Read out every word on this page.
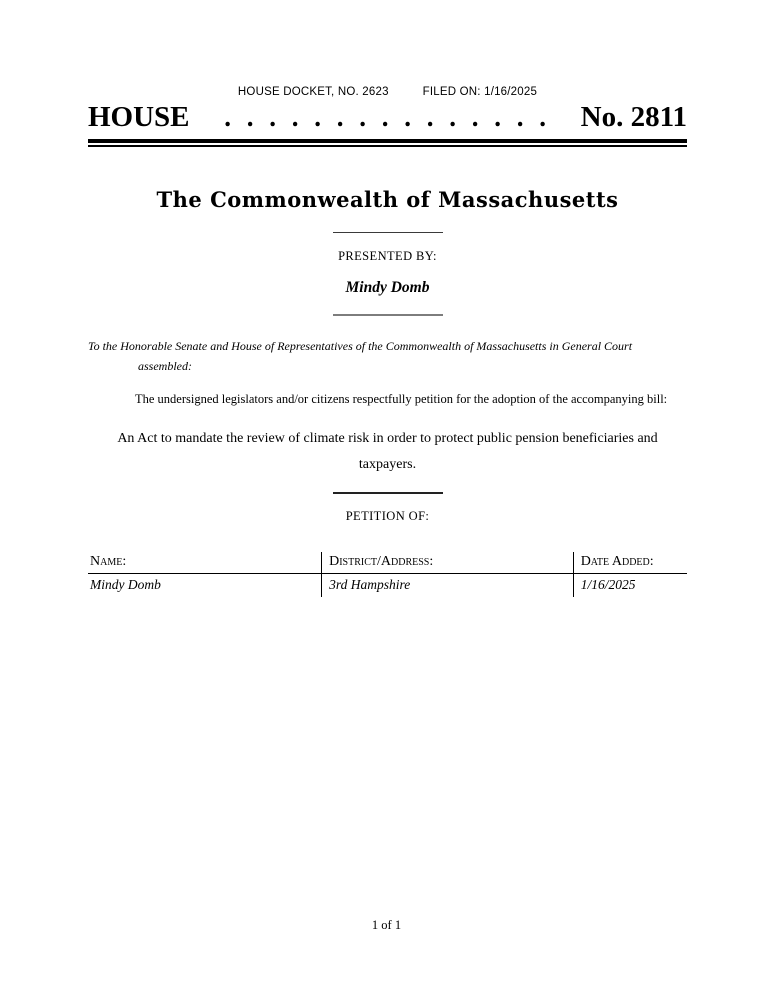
HOUSE DOCKET, NO. 2623	FILED ON: 1/16/2025
HOUSE	. . . . . . . . . . . . . . .	No. 2811
The Commonwealth of Massachusetts
PRESENTED BY:
Mindy Domb
To the Honorable Senate and House of Representatives of the Commonwealth of Massachusetts in General Court assembled:
The undersigned legislators and/or citizens respectfully petition for the adoption of the accompanying bill:
An Act to mandate the review of climate risk in order to protect public pension beneficiaries and taxpayers.
PETITION OF:
Name:	District/Address:	Date Added:
Mindy Domb	3rd Hampshire	1/16/2025
1 of 1
